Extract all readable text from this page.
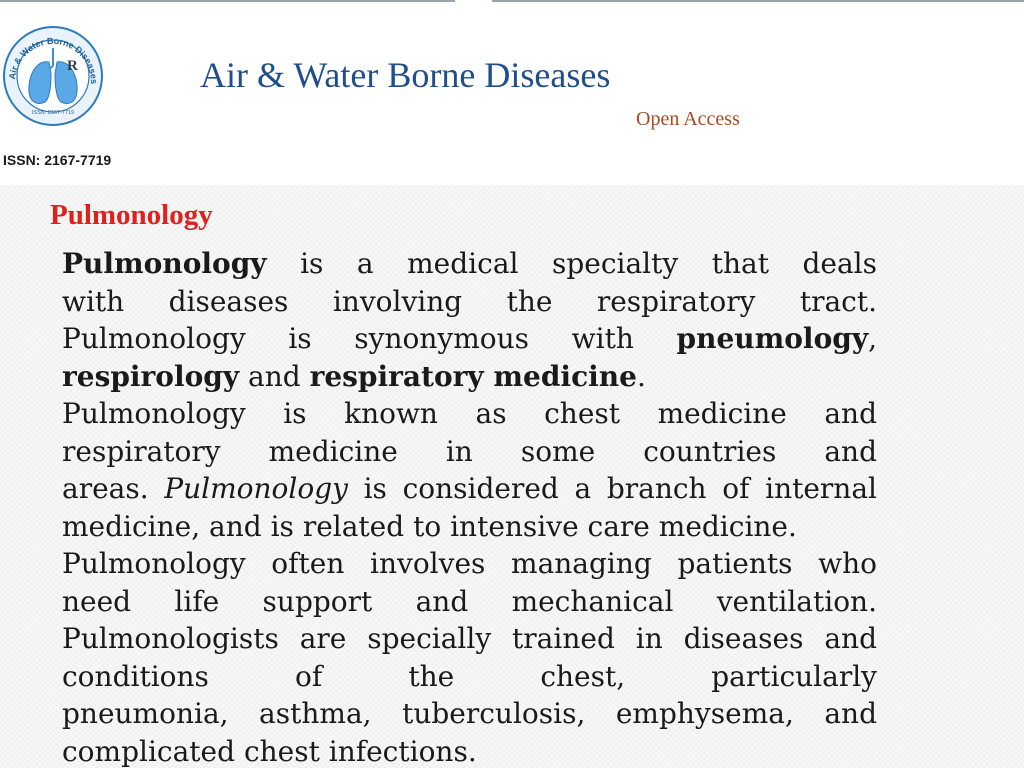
Air & Water Borne Diseases
R
ISSN: 2167-7719
ISSN: 2167-7719
Air & Water Borne Diseases
Open Access
Pulmonology
Pulmonology is a medical specialty that deals
with diseases involving the respiratory tract.
Pulmonology is synonymous with pneumology,
respirology and respiratory medicine.
Pulmonology is known as chest medicine and
respiratory medicine in some countries and
areas. Pulmonology is considered a branch of internal
medicine, and is related to intensive care medicine.
Pulmonology often involves managing patients who
need life support and mechanical ventilation.
Pulmonologists are specially trained in diseases and
conditions of the chest, particularly
pneumonia, asthma, tuberculosis, emphysema, and
complicated chest infections.
